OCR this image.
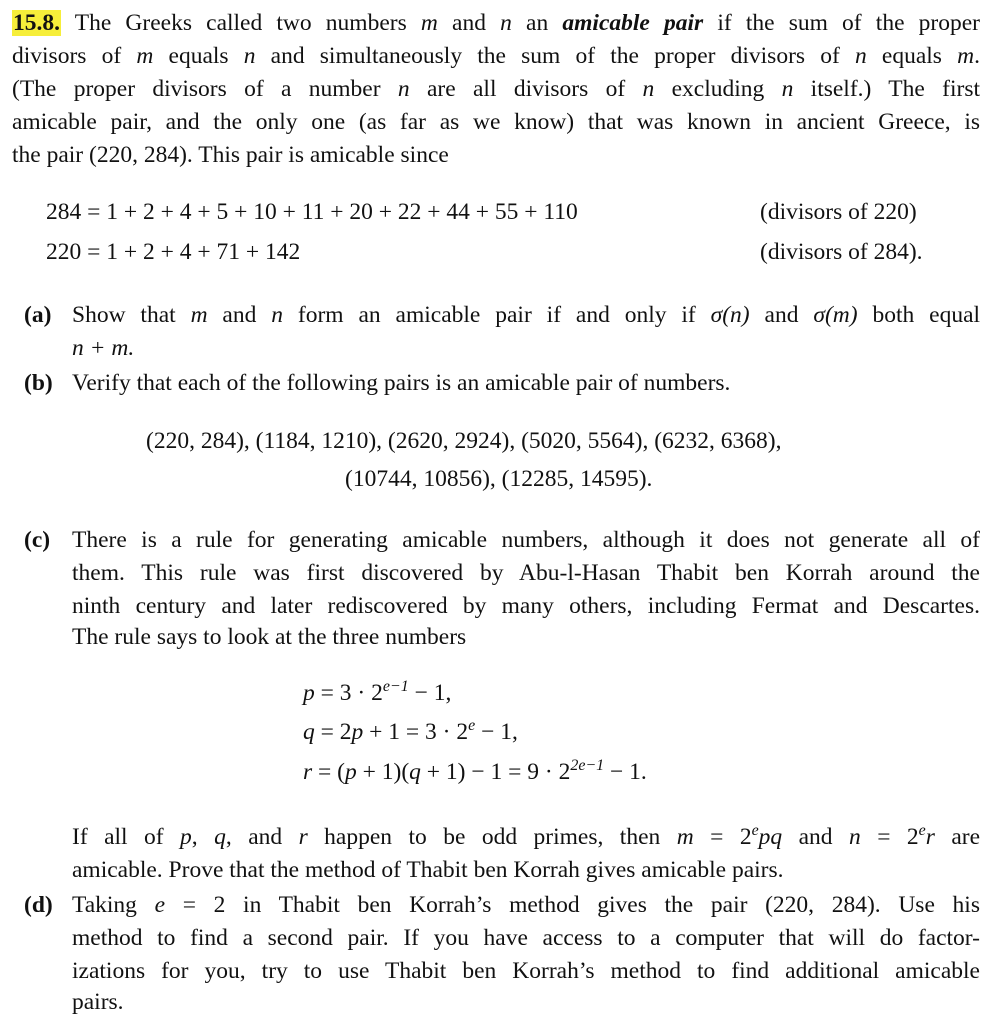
15.8. The Greeks called two numbers m and n an amicable pair if the sum of the proper
divisors of m equals n and simultaneously the sum of the proper divisors of n equals m.
(The proper divisors of a number n are all divisors of n excluding n itself.) The first
amicable pair, and the only one (as far as we know) that was known in ancient Greece, is
the pair (220, 284). This pair is amicable since
284 = 1 + 2 + 4 + 5 + 10 + 11 + 20 + 22 + 44 + 55 + 110	(divisors of 220)
220 = 1 + 2 + 4 + 71 + 142	(divisors of 284).
(a) Show that m and n form an amicable pair if and only if σ(n) and σ(m) both equal
n + m.
(b) Verify that each of the following pairs is an amicable pair of numbers.
(220, 284), (1184, 1210), (2620, 2924), (5020, 5564), (6232, 6368),
(10744, 10856), (12285, 14595).
(c) There is a rule for generating amicable numbers, although it does not generate all of
them. This rule was first discovered by Abu-l-Hasan Thabit ben Korrah around the
ninth century and later rediscovered by many others, including Fermat and Descartes.
The rule says to look at the three numbers
$p = 3 \cdot 2^{e-1} - 1$,
$q = 2p + 1 = 3 \cdot 2^e - 1$,
$r = (p + 1)(q + 1) - 1 = 9 \cdot 2^{2e-1} - 1$.
If all of p, q, and r happen to be odd primes, then $m = 2^epq$ and $n = 2^er$ are
amicable. Prove that the method of Thabit ben Korrah gives amicable pairs.
(d) Taking e = 2 in Thabit ben Korrah’s method gives the pair (220, 284). Use his
method to find a second pair. If you have access to a computer that will do factor-
izations for you, try to use Thabit ben Korrah’s method to find additional amicable
pairs.
